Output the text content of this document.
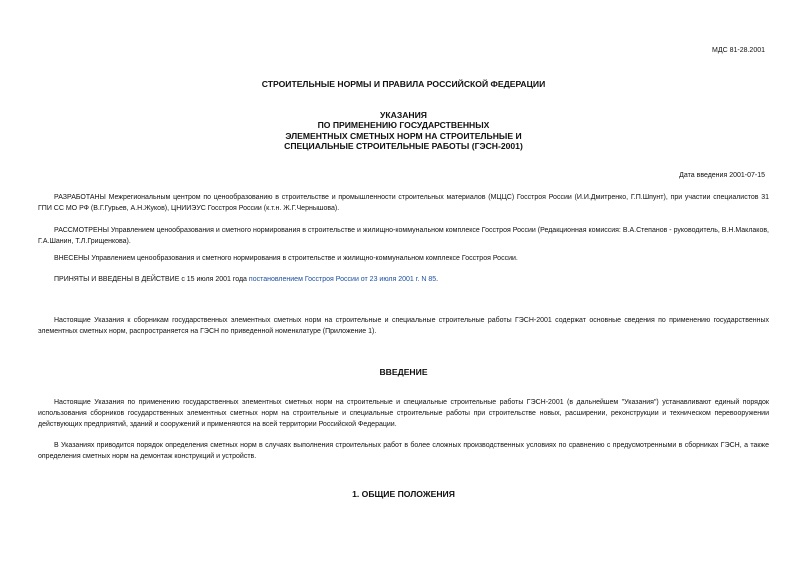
МДС 81-28.2001
СТРОИТЕЛЬНЫЕ НОРМЫ И ПРАВИЛА РОССИЙСКОЙ ФЕДЕРАЦИИ
УКАЗАНИЯ
ПО ПРИМЕНЕНИЮ ГОСУДАРСТВЕННЫХ
ЭЛЕМЕНТНЫХ СМЕТНЫХ НОРМ НА СТРОИТЕЛЬНЫЕ И
СПЕЦИАЛЬНЫЕ СТРОИТЕЛЬНЫЕ РАБОТЫ (ГЭСН-2001)
Дата введения 2001-07-15

РАЗРАБОТАНЫ Межрегиональным центром по ценообразованию в строительстве и промышленности строительных материалов (МЦЦС) Госстроя России (И.И.Дмитренко, Г.П.Шпунт), при участии специалистов 31 ГПИ СС МО РФ (В.Г.Гурьев, А.Н.Жуков), ЦНИИЭУС Госстроя России (к.т.н. Ж.Г.Чернышова).

РАССМОТРЕНЫ Управлением ценообразования и сметного нормирования в строительстве и жилищно-коммунальном комплексе Госстроя России (Редакционная комиссия: В.А.Степанов - руководитель, В.Н.Маклаков, Г.А.Шанин, Т.Л.Грищенкова).

ВНЕСЕНЫ Управлением ценообразования и сметного нормирования в строительстве и жилищно-коммунальном комплексе Госстроя России.

ПРИНЯТЫ И ВВЕДЕНЫ В ДЕЙСТВИЕ с 15 июля 2001 года постановлением Госстроя России от 23 июля 2001 г. N 85.

Настоящие Указания к сборникам государственных элементных сметных норм на строительные и специальные строительные работы ГЭСН-2001 содержат основные сведения по применению государственных элементных сметных норм, распространяется на ГЭСН по приведенной номенклатуре (Приложение 1).

ВВЕДЕНИЕ

Настоящие Указания по применению государственных элементных сметных норм на строительные и специальные строительные работы ГЭСН-2001 (в дальнейшем "Указания") устанавливают единый порядок использования сборников государственных элементных сметных норм на строительные и специальные строительные работы при строительстве новых, расширении, реконструкции и техническом перевооружении действующих предприятий, зданий и сооружений и применяются на всей территории Российской Федерации.

В Указаниях приводится порядок определения сметных норм в случаях выполнения строительных работ в более сложных производственных условиях по сравнению с предусмотренными в сборниках ГЭСН, а также определения сметных норм на демонтаж конструкций и устройств.

1. ОБЩИЕ ПОЛОЖЕНИЯ
